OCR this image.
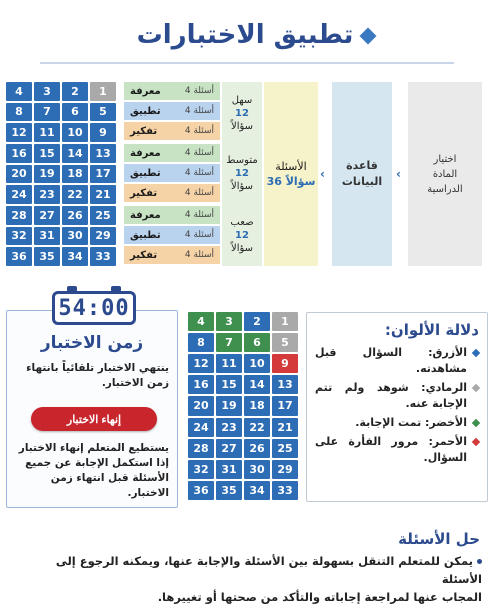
تطبيق الاختبارات
4	3	2	1
8	7	6	5
12	11	10	9
16	15	14	13
20	19	18	17
24	23	22	21
28	27	26	25
32	31	30	29
36	35	34	33
معرفة	4 أسئلة
تطبيق	4 أسئلة
تفكير	4 أسئلة
معرفة	4 أسئلة
تطبيق	4 أسئلة
تفكير	4 أسئلة
معرفة	4 أسئلة
تطبيق	4 أسئلة
تفكير	4 أسئلة
سهل
12
سؤالاً
متوسط
12
سؤالاً
صعب
12
سؤالاً
الأسئلة
36 سؤالاً
‹
قاعدة
البيانات
‹
اختيار
المادة
الدراسية
54:00
زمن الاختبار
ينتهي الاختبار تلقائياً بانتهاء
زمن الاختبار.
إنهاء الاختبار
يستطيع المتعلم إنهاء الاختبار
إذا استكمل الإجابة عن جميع
الأسئلة قبل انتهاء زمن الاختبار.
4	3	2	1
8	7	6	5
12	11	10	9
16	15	14	13
20	19	18	17
24	23	22	21
28	27	26	25
32	31	30	29
36	35	34	33
دلالة الألوان:
الأزرق: السؤال قبل مشاهدته.
الرمادي: شوهد ولم تتم الإجابة عنه.
الأخضر: تمت الإجابة.
الأحمر: مرور الفأرة على السؤال.
حل الأسئلة
يمكن للمتعلم التنقل بسهولة بين الأسئلة والإجابة عنها، ويمكنه الرجوع إلى الأسئلة
المجاب عنها لمراجعة إجاباته والتأكد من صحتها أو تغييرها.
